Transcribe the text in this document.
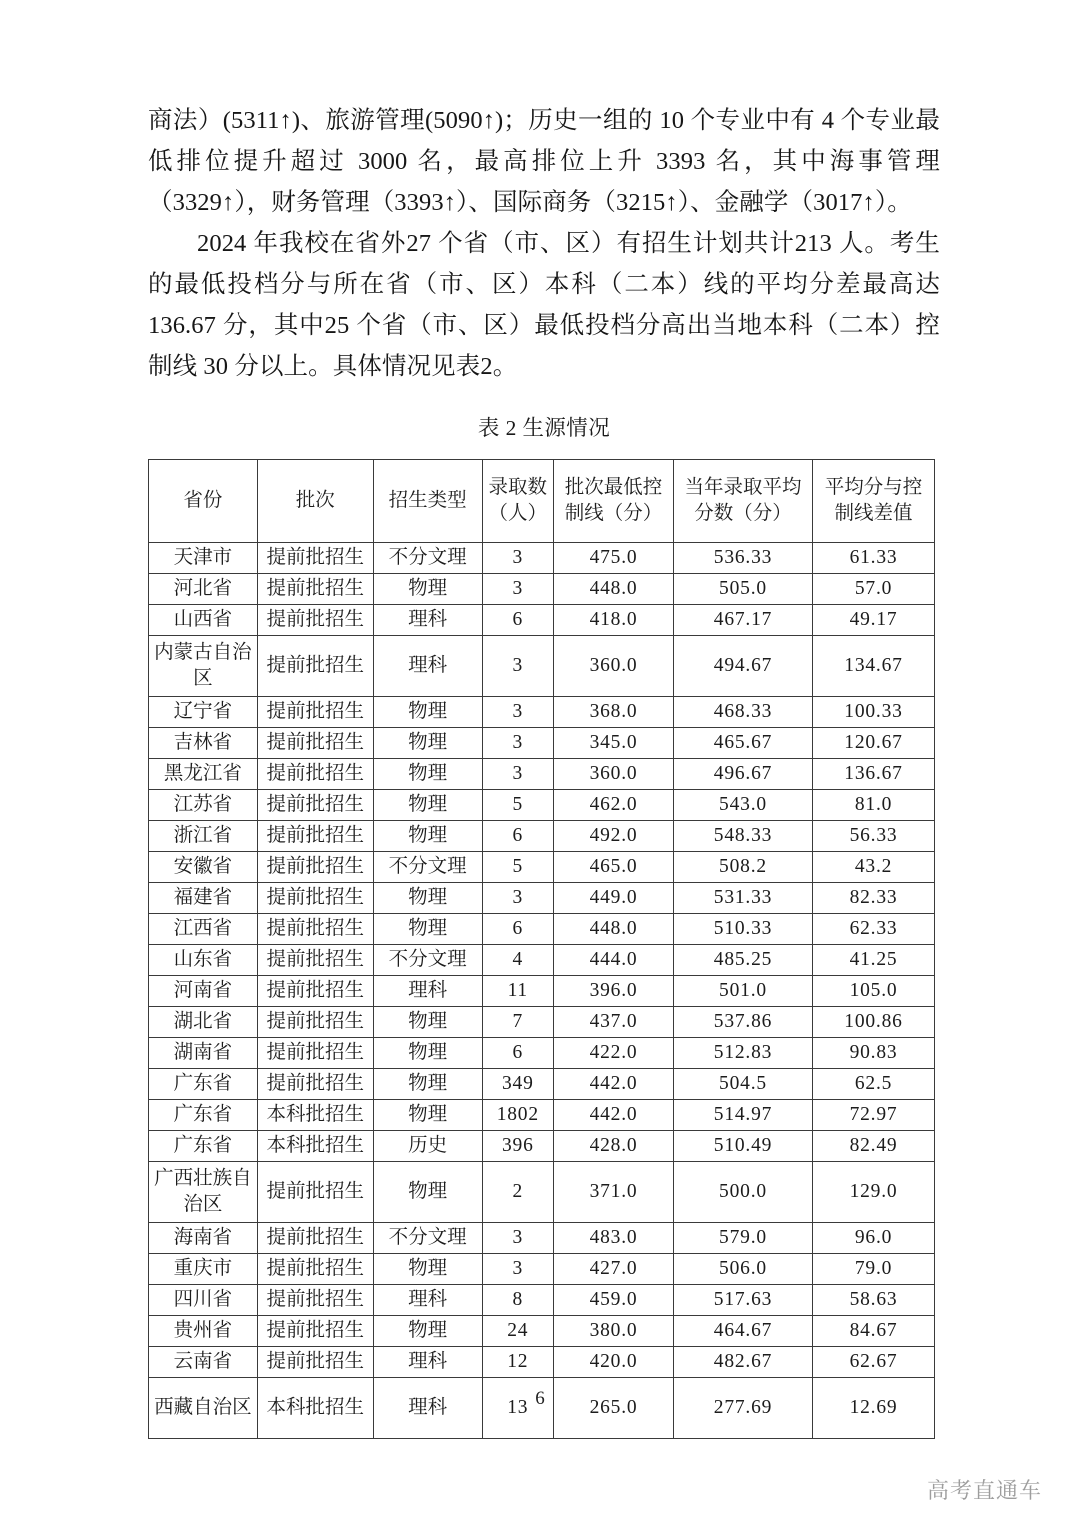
商法）(5311↑)、旅游管理(5090↑)；历史一组的 10 个专业中有 4 个专业最低排位提升超过 3000 名，最高排位上升 3393 名，其中海事管理（3329↑），财务管理（3393↑）、国际商务（3215↑）、金融学（3017↑）。

2024 年我校在省外27 个省（市、区）有招生计划共计213 人。考生的最低投档分与所在省（市、区）本科（二本）线的平均分差最高达 136.67 分，其中25 个省（市、区）最低投档分高出当地本科（二本）控制线 30 分以上。具体情况见表2。

表 2 生源情况
省份	批次	招生类型	录取数（人）	批次最低控制线（分）	当年录取平均分数（分）	平均分与控制线差值
天津市	提前批招生	不分文理	3	475.0	536.33	61.33
河北省	提前批招生	物理	3	448.0	505.0	57.0
山西省	提前批招生	理科	6	418.0	467.17	49.17
内蒙古自治区	提前批招生	理科	3	360.0	494.67	134.67
辽宁省	提前批招生	物理	3	368.0	468.33	100.33
吉林省	提前批招生	物理	3	345.0	465.67	120.67
黑龙江省	提前批招生	物理	3	360.0	496.67	136.67
江苏省	提前批招生	物理	5	462.0	543.0	81.0
浙江省	提前批招生	物理	6	492.0	548.33	56.33
安徽省	提前批招生	不分文理	5	465.0	508.2	43.2
福建省	提前批招生	物理	3	449.0	531.33	82.33
江西省	提前批招生	物理	6	448.0	510.33	62.33
山东省	提前批招生	不分文理	4	444.0	485.25	41.25
河南省	提前批招生	理科	11	396.0	501.0	105.0
湖北省	提前批招生	物理	7	437.0	537.86	100.86
湖南省	提前批招生	物理	6	422.0	512.83	90.83
广东省	提前批招生	物理	349	442.0	504.5	62.5
广东省	本科批招生	物理	1802	442.0	514.97	72.97
广东省	本科批招生	历史	396	428.0	510.49	82.49
广西壮族自治区	提前批招生	物理	2	371.0	500.0	129.0
海南省	提前批招生	不分文理	3	483.0	579.0	96.0
重庆市	提前批招生	物理	3	427.0	506.0	79.0
四川省	提前批招生	理科	8	459.0	517.63	58.63
贵州省	提前批招生	物理	24	380.0	464.67	84.67
云南省	提前批招生	理科	12	420.0	482.67	62.67
西藏自治区	本科批招生	理科	13	265.0	277.69	12.69
6
高考直通车
